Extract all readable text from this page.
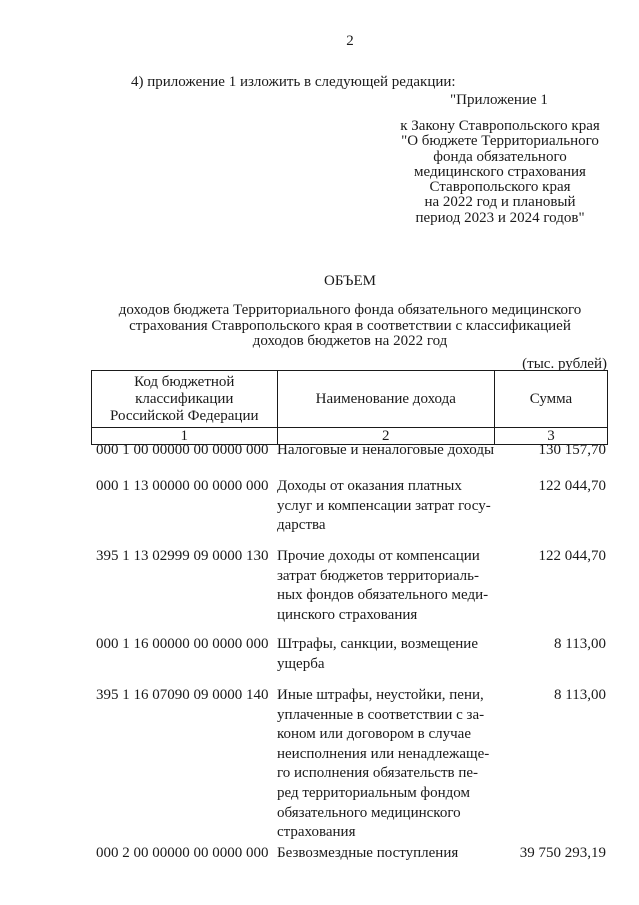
2
4) приложение 1 изложить в следующей редакции:
"Приложение 1
к Закону Ставропольского края
"О бюджете Территориального
фонда обязательного
медицинского страхования
Ставропольского края
на 2022 год и плановый
период 2023 и 2024 годов"
ОБЪЕМ
доходов бюджета Территориального фонда обязательного медицинского
страхования Ставропольского края в соответствии с классификацией
доходов бюджетов на 2022 год
(тыс. рублей)
Код бюджетной
классификации
Российской Федерации	Наименование дохода	Сумма
1	2	3
000 1 00 00000 00 0000 000 Налоговые и неналоговые доходы	130 157,70
000 1 13 00000 00 0000 000 Доходы от оказания платных
услуг и компенсации затрат госу-
дарства
122 044,70
395 1 13 02999 09 0000 130 Прочие доходы от компенсации
затрат бюджетов территориаль-
ных фондов обязательного меди-
цинского страхования
122 044,70
000 1 16 00000 00 0000 000 Штрафы, санкции, возмещение
ущерба
8 113,00
395 1 16 07090 09 0000 140 Иные штрафы, неустойки, пени,
уплаченные в соответствии с за-
коном или договором в случае
неисполнения или ненадлежаще-
го исполнения обязательств пе-
ред территориальным фондом
обязательного медицинского
страхования
8 113,00
000 2 00 00000 00 0000 000 Безвозмездные поступления	39 750 293,19
